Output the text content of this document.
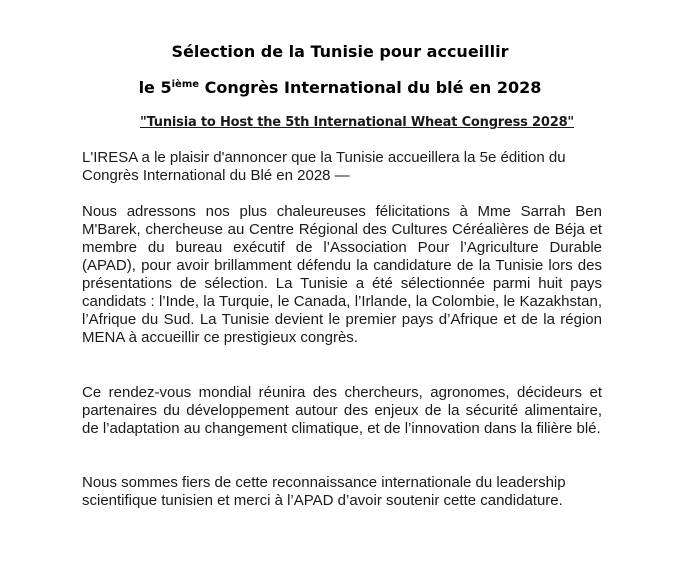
Sélection de la Tunisie pour accueillir
le 5ième Congrès International du blé en 2028
"Tunisia to Host the 5th International Wheat Congress 2028"

L'IRESA a le plaisir d'annoncer que la Tunisie accueillera la 5e édition du Congrès International du Blé en 2028 —

Nous adressons nos plus chaleureuses félicitations à Mme Sarrah Ben M'Barek, chercheuse au Centre Régional des Cultures Céréalières de Béja et membre du bureau exécutif de l’Association Pour l’Agriculture Durable (APAD), pour avoir brillamment défendu la candidature de la Tunisie lors des présentations de sélection. La Tunisie a été sélectionnée parmi huit pays candidats : l’Inde, la Turquie, le Canada, l’Irlande, la Colombie, le Kazakhstan, l’Afrique du Sud. La Tunisie devient le premier pays d’Afrique et de la région MENA à accueillir ce prestigieux congrès.

Ce rendez-vous mondial réunira des chercheurs, agronomes, décideurs et partenaires du développement autour des enjeux de la sécurité alimentaire, de l’adaptation au changement climatique, et de l’innovation dans la filière blé.

Nous sommes fiers de cette reconnaissance internationale du leadership scientifique tunisien et merci à l’APAD d’avoir soutenir cette candidature.
